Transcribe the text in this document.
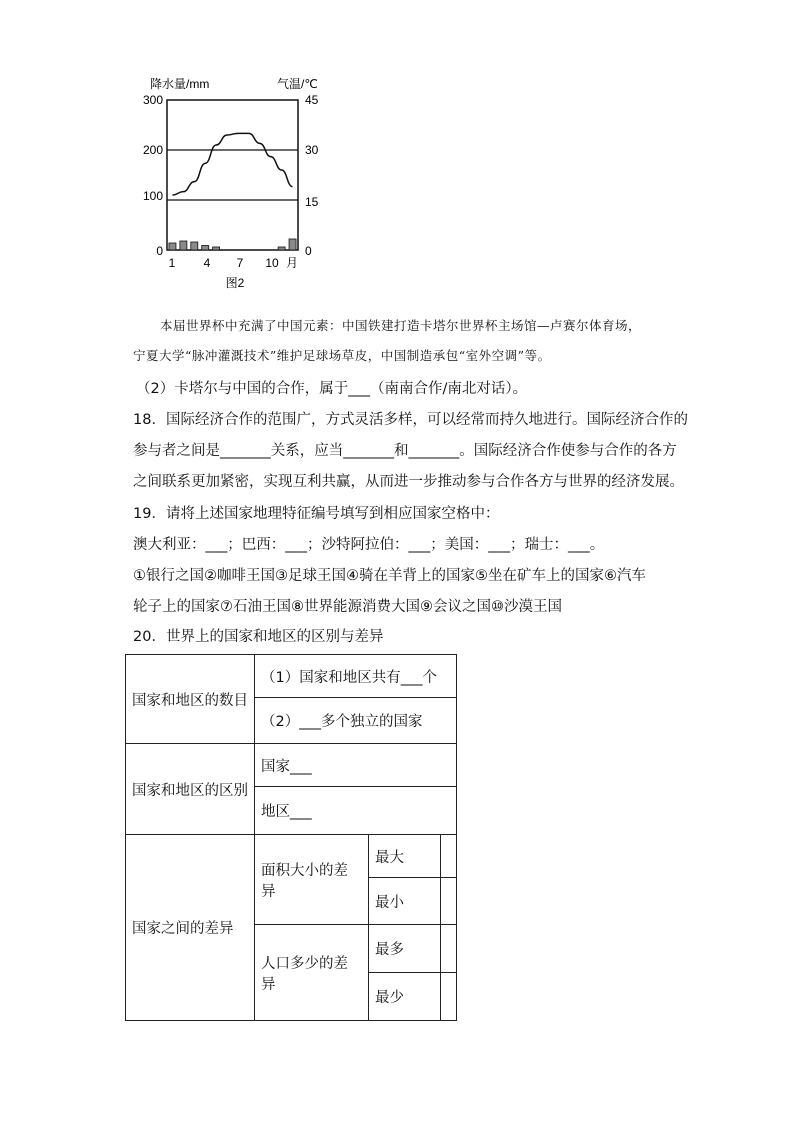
降水量/mm	气温/℃
300
200
100
0
45
30
15
0
1 4 7 10 月
图2
本届世界杯中充满了中国元素：中国铁建打造卡塔尔世界杯主场馆—卢赛尔体育场，
宁夏大学“脉冲灌溉技术”维护足球场草皮，中国制造承包“室外空调”等。
（2）卡塔尔与中国的合作，属于___（南南合作/南北对话）。
18．国际经济合作的范围广，方式灵活多样，可以经常而持久地进行。国际经济合作的
参与者之间是_______关系，应当_______和_______。国际经济合作使参与合作的各方
之间联系更加紧密，实现互利共赢，从而进一步推动参与合作各方与世界的经济发展。
19．请将上述国家地理特征编号填写到相应国家空格中：
澳大利亚：___；巴西：___；沙特阿拉伯：___；美国：___；瑞士：___。
①银行之国②咖啡王国③足球王国④骑在羊背上的国家⑤坐在矿车上的国家⑥汽车
轮子上的国家⑦石油王国⑧世界能源消费大国⑨会议之国⑩沙漠王国
20．世界上的国家和地区的区别与差异
国家和地区的数目	（1）国家和地区共有___个		
	（2）___多个独立的国家		
国家和地区的区别	国家___		
	地区___		
国家之间的差异	面积大小的差异	最大	
		最小	
	人口多少的差异	最多	
		最少	
